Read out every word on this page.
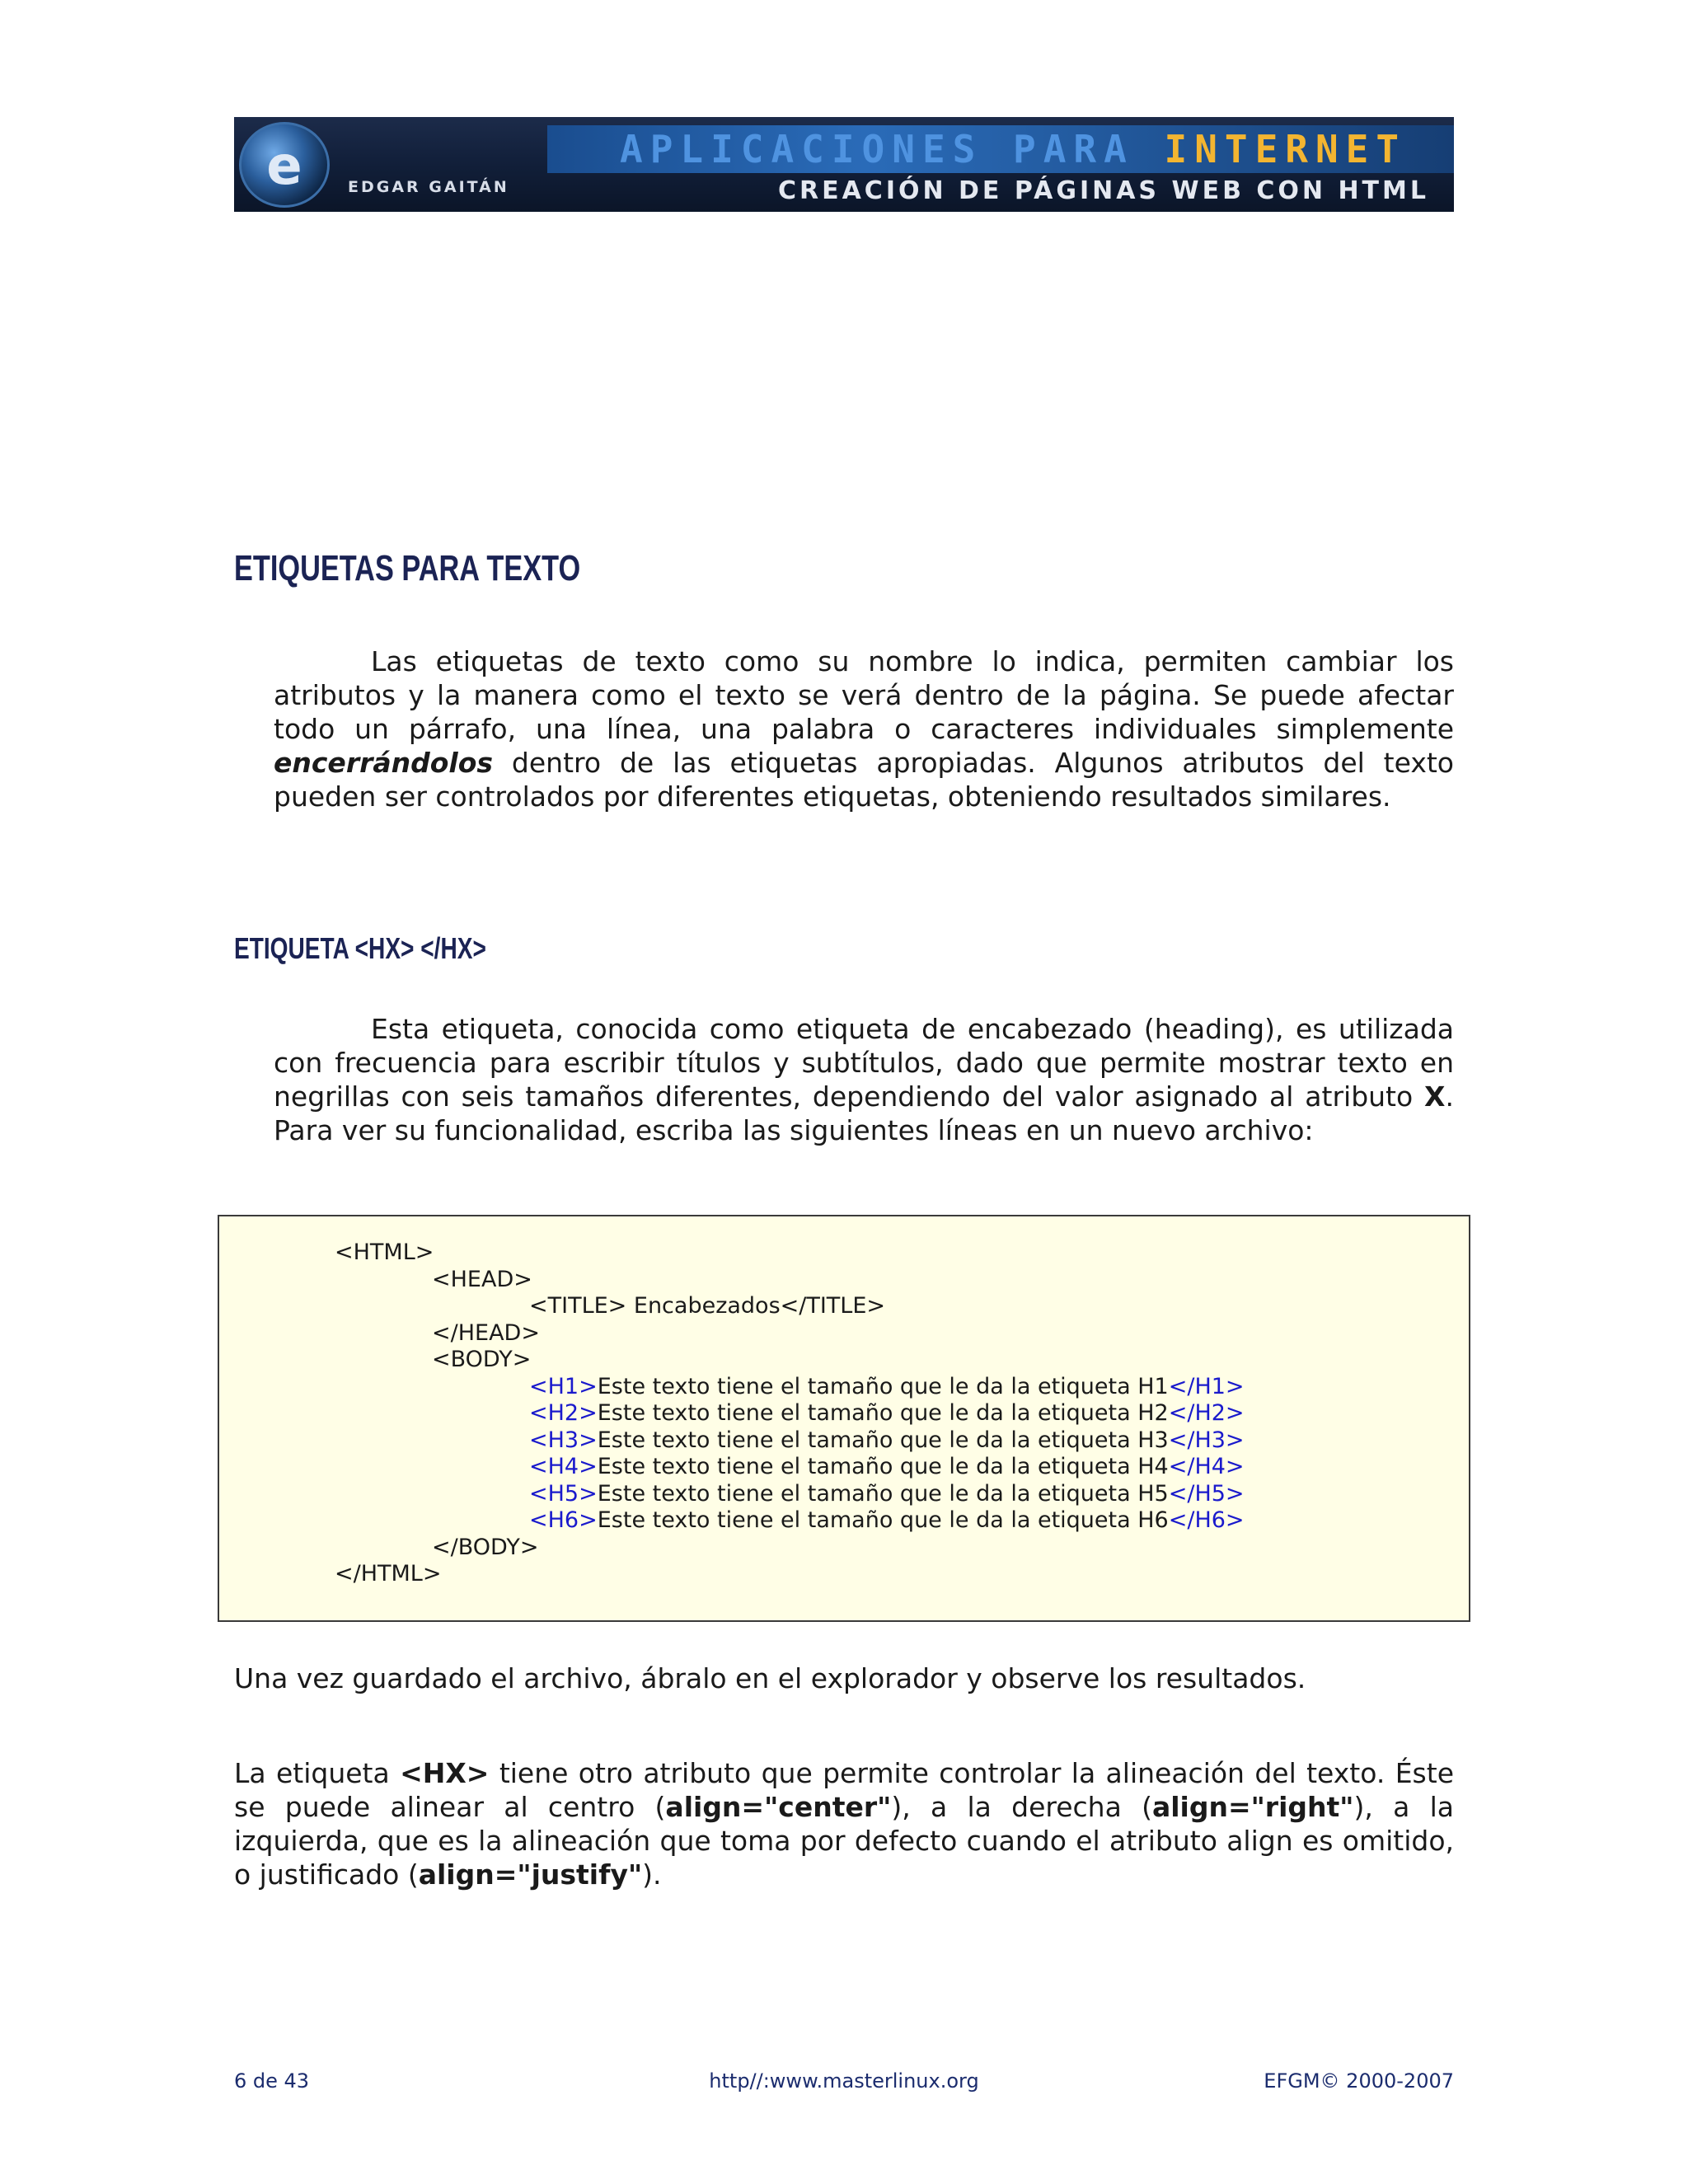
e	APLICACIONES PARA INTERNET
EDGAR GAITÁN	CREACIÓN DE PÁGINAS WEB CON HTML
ETIQUETAS PARA TEXTO

Las etiquetas de texto como su nombre lo indica, permiten cambiar los atributos y la manera como el texto se verá dentro de la página. Se puede afectar todo un párrafo, una línea, una palabra o caracteres individuales simplemente encerrándolos dentro de las etiquetas apropiadas. Algunos atributos del texto pueden ser controlados por diferentes etiquetas, obteniendo resultados similares.

ETIQUETA <HX> </HX>

Esta etiqueta, conocida como etiqueta de encabezado (heading), es utilizada con frecuencia para escribir títulos y subtítulos, dado que permite mostrar texto en negrillas con seis tamaños diferentes, dependiendo del valor asignado al atributo X. Para ver su funcionalidad, escriba las siguientes líneas en un nuevo archivo:

<HTML>
<HEAD>
<TITLE> Encabezados</TITLE>
</HEAD>
<BODY>
<H1>Este texto tiene el tamaño que le da la etiqueta H1</H1>
<H2>Este texto tiene el tamaño que le da la etiqueta H2</H2>
<H3>Este texto tiene el tamaño que le da la etiqueta H3</H3>
<H4>Este texto tiene el tamaño que le da la etiqueta H4</H4>
<H5>Este texto tiene el tamaño que le da la etiqueta H5</H5>
<H6>Este texto tiene el tamaño que le da la etiqueta H6</H6>
</BODY>
</HTML>

Una vez guardado el archivo, ábralo en el explorador y observe los resultados.

La etiqueta <HX> tiene otro atributo que permite controlar la alineación del texto. Éste se puede alinear al centro (align="center"), a la derecha (align="right"), a la izquierda, que es la alineación que toma por defecto cuando el atributo align es omitido, o justificado (align="justify").

6 de 43	http//:www.masterlinux.org	EFGM© 2000-2007
